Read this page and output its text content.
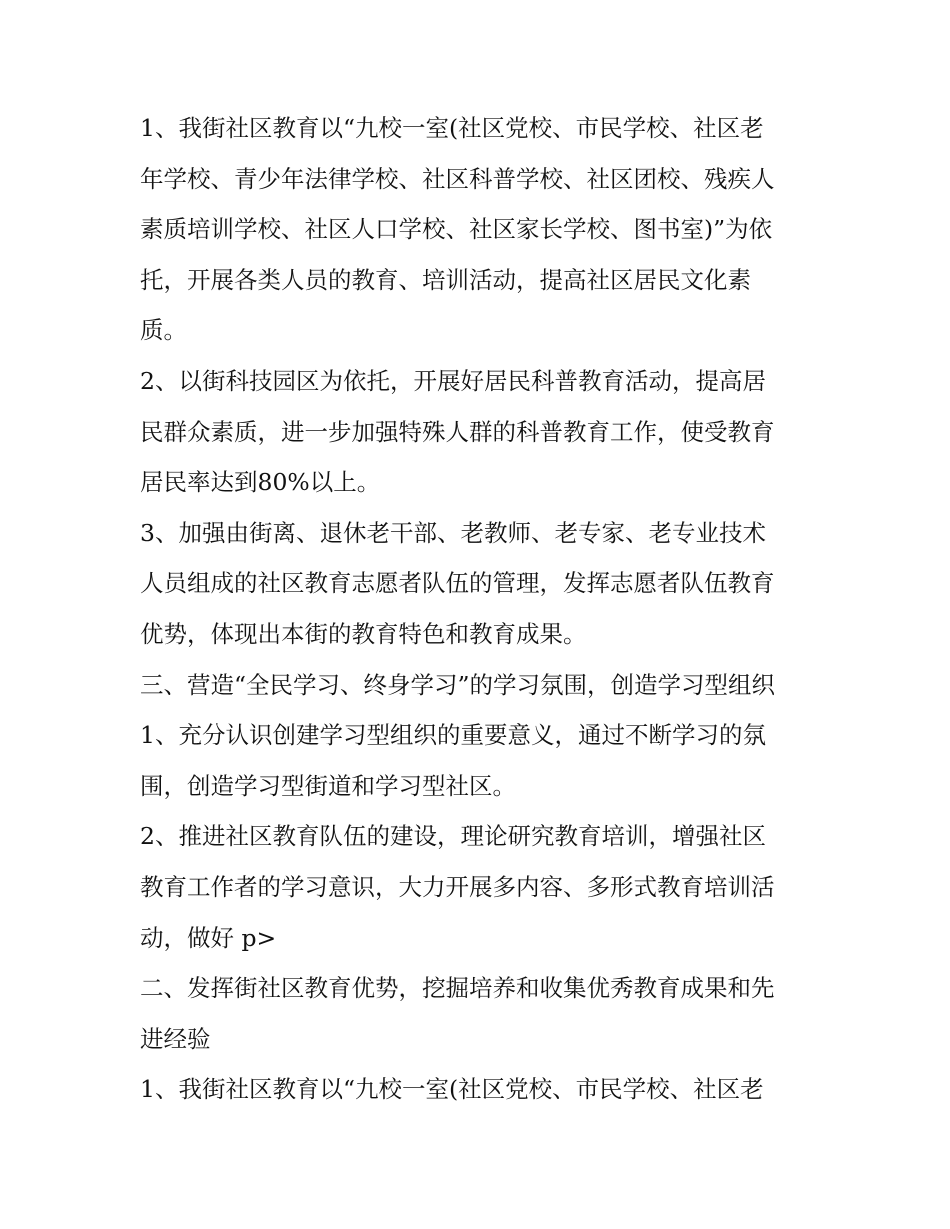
1、我街社区教育以“九校一室(社区党校、市民学校、社区老
年学校、青少年法律学校、社区科普学校、社区团校、残疾人
素质培训学校、社区人口学校、社区家长学校、图书室)”为依
托，开展各类人员的教育、培训活动，提高社区居民文化素
质。
2、以街科技园区为依托，开展好居民科普教育活动，提高居
民群众素质，进一步加强特殊人群的科普教育工作，使受教育
居民率达到80%以上。
3、加强由街离、退休老干部、老教师、老专家、老专业技术
人员组成的社区教育志愿者队伍的管理，发挥志愿者队伍教育
优势，体现出本街的教育特色和教育成果。
三、营造“全民学习、终身学习”的学习氛围，创造学习型组织
1、充分认识创建学习型组织的重要意义，通过不断学习的氛
围，创造学习型街道和学习型社区。
2、推进社区教育队伍的建设，理论研究教育培训，增强社区
教育工作者的学习意识，大力开展多内容、多形式教育培训活
动，做好 p>
二、发挥街社区教育优势，挖掘培养和收集优秀教育成果和先
进经验
1、我街社区教育以“九校一室(社区党校、市民学校、社区老
